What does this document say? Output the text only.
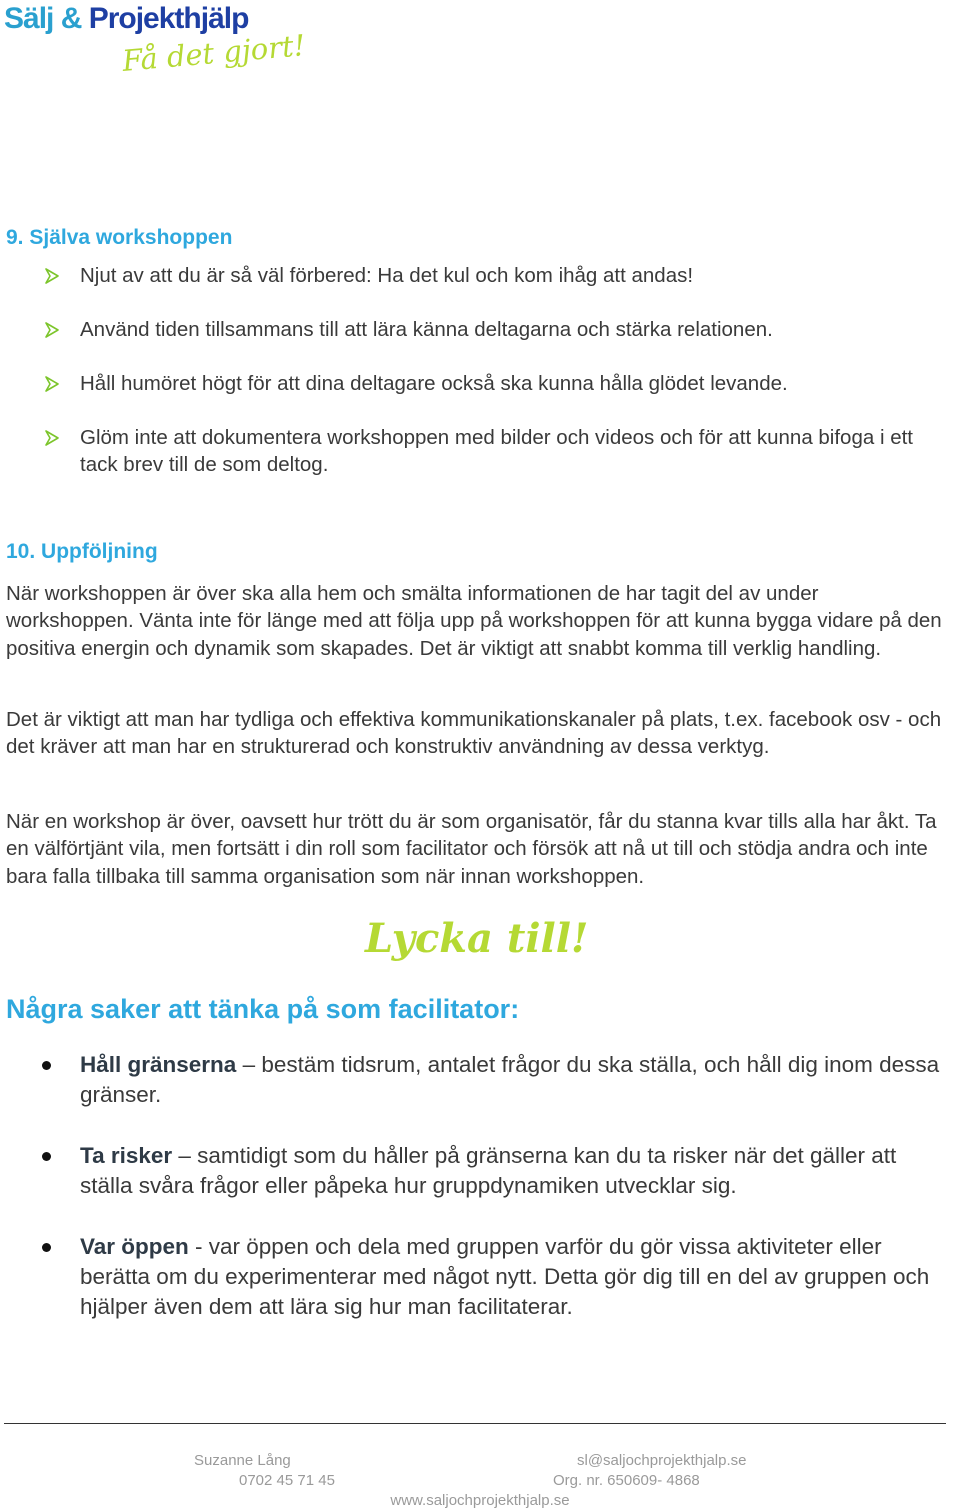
Sälj & Projekthjälp
Få det gjort!
9. Själva workshoppen
Njut av att du är så väl förbered: Ha det kul och kom ihåg att andas!
Använd tiden tillsammans till att lära känna deltagarna och stärka relationen.
Håll humöret högt för att dina deltagare också ska kunna hålla glödet levande.
Glöm inte att dokumentera workshoppen med bilder och videos och för att kunna bifoga i ett tack brev till de som deltog.
10. Uppföljning

När workshoppen är över ska alla hem och smälta informationen de har tagit del av under workshoppen. Vänta inte för länge med att följa upp på workshoppen för att kunna bygga vidare på den positiva energin och dynamik som skapades. Det är viktigt att snabbt komma till verklig handling.

Det är viktigt att man har tydliga och effektiva kommunikationskanaler på plats, t.ex. facebook osv - och det kräver att man har en strukturerad och konstruktiv användning av dessa verktyg.

När en workshop är över, oavsett hur trött du är som organisatör, får du stanna kvar tills alla har åkt. Ta en välförtjänt vila, men fortsätt i din roll som facilitator och försök att nå ut till och stödja andra och inte bara falla tillbaka till samma organisation som när innan workshoppen.

Lycka till!
Några saker att tänka på som facilitator:
Håll gränserna – bestäm tidsrum, antalet frågor du ska ställa, och håll dig inom dessa gränser.
Ta risker – samtidigt som du håller på gränserna kan du ta risker när det gäller att ställa svåra frågor eller påpeka hur gruppdynamiken utvecklar sig.
Var öppen - var öppen och dela med gruppen varför du gör vissa aktiviteter eller berätta om du experimenterar med något nytt. Detta gör dig till en del av gruppen och hjälper även dem att lära sig hur man facilitaterar.
Suzanne Lång	sl@saljochprojekthjalp.se
0702 45 71 45	Org. nr. 650609- 4868
www.saljochprojekthjalp.se
